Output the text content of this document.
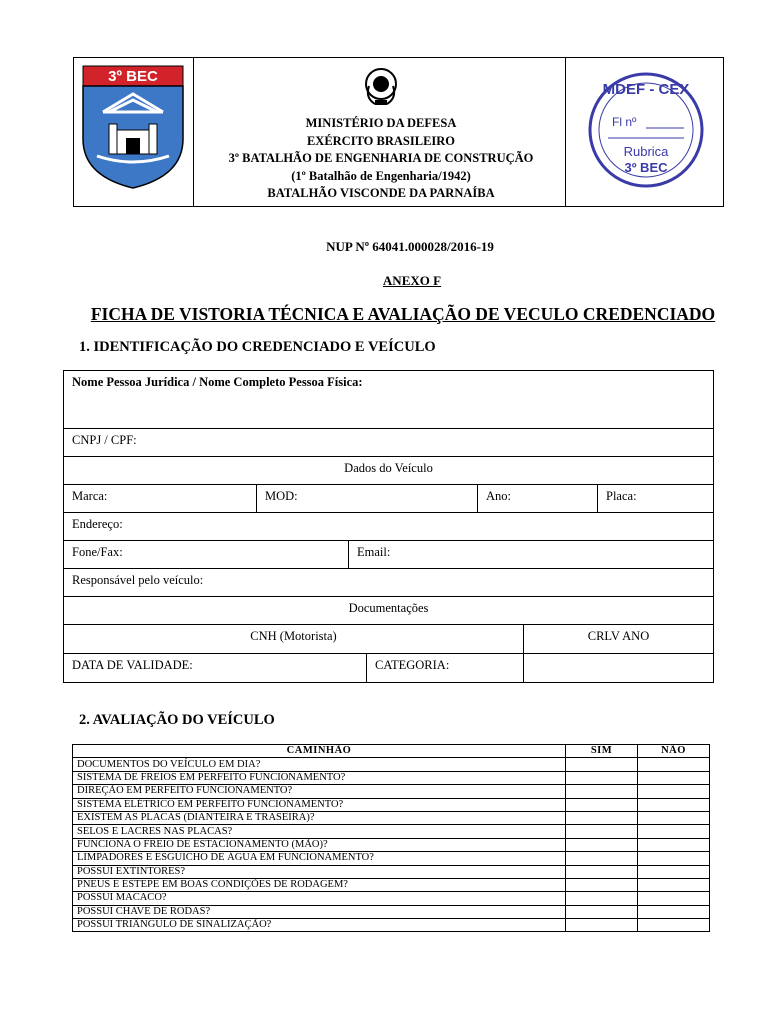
3º BEC
MDEF - CEX
Fl nº
Rubrica
3º BEC
MINISTÉRIO DA DEFESA
EXÉRCITO BRASILEIRO
3º BATALHÃO DE ENGENHARIA DE CONSTRUÇÃO
(1º Batalhão de Engenharia/1942)
BATALHÃO VISCONDE DA PARNAÍBA
NUP Nº 64041.000028/2016-19
ANEXO F
FICHA DE VISTORIA TÉCNICA E AVALIAÇÃO DE VECULO CREDENCIADO
1. IDENTIFICAÇÃO DO CREDENCIADO E VEÍCULO
Nome Pessoa Jurídica / Nome Completo Pessoa Física:
CNPJ / CPF:
Dados do Veículo
Marca:	MOD:	Ano:	Placa:
Endereço:
Fone/Fax:	Email:
Responsável pelo veículo:
Documentações
CNH (Motorista)	CRLV ANO
DATA DE VALIDADE:	CATEGORIA:
2. AVALIAÇÃO DO VEÍCULO
CAMINHÃO	SIM	NÃO
DOCUMENTOS DO VEÍCULO EM DIA?		
SISTEMA DE FREIOS EM PERFEITO FUNCIONAMENTO?		
DIREÇÃO EM PERFEITO FUNCIONAMENTO?		
SISTEMA ELÉTRICO EM PERFEITO FUNCIONAMENTO?		
EXISTEM AS PLACAS (DIANTEIRA E TRASEIRA)?		
SELOS E LACRES NAS PLACAS?		
FUNCIONA O FREIO DE ESTACIONAMENTO (MÃO)?		
LIMPADORES E ESGUICHO DE ÁGUA EM FUNCIONAMENTO?		
POSSUI EXTINTORES?		
PNEUS E ESTEPE EM BOAS CONDIÇÕES DE RODAGEM?		
POSSUI MACACO?		
POSSUI CHAVE DE RODAS?		
POSSUI TRIÂNGULO DE SINALIZAÇÃO?		
